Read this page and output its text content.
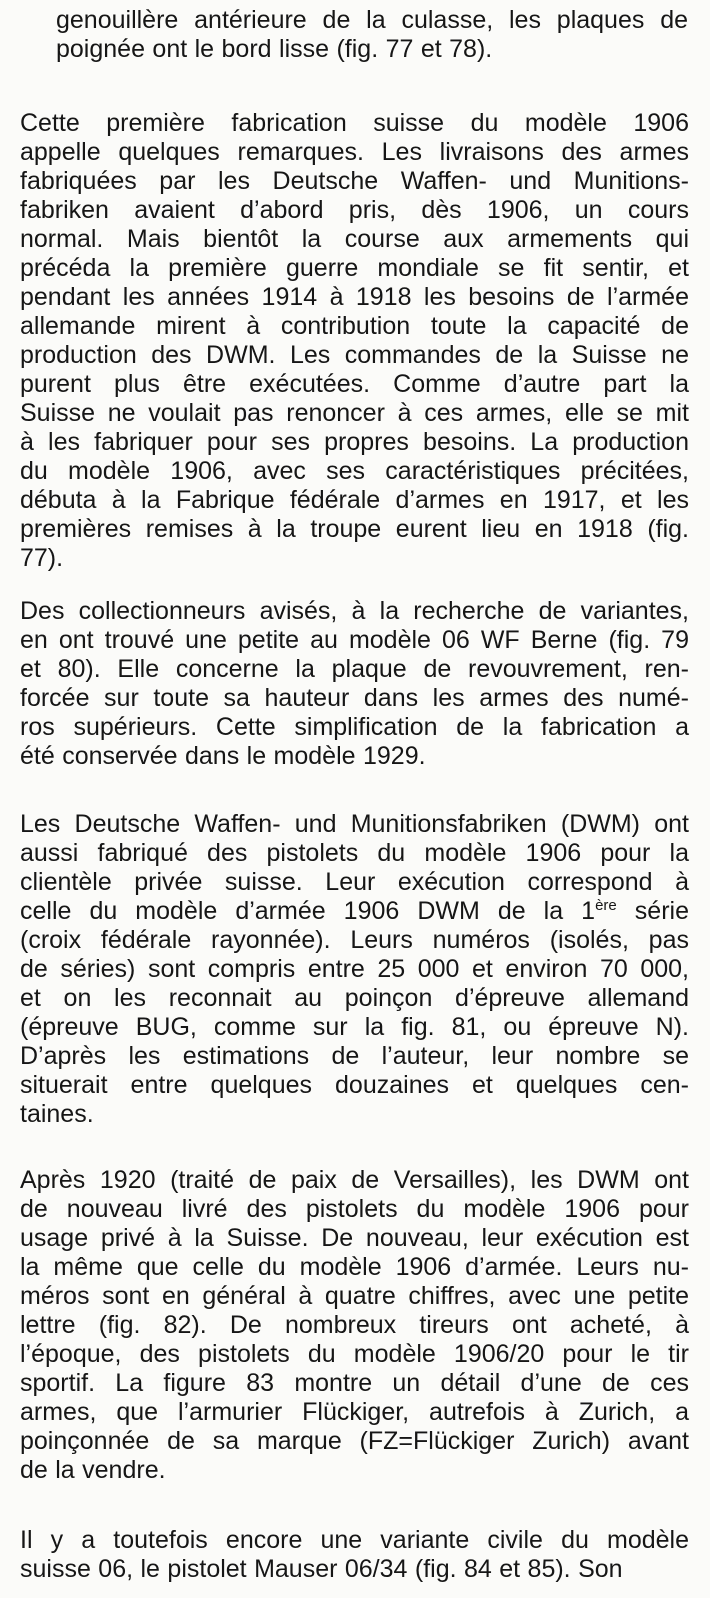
genouillère antérieure de la culasse, les plaques de
poignée ont le bord lisse (fig. 77 et 78).

Cette première fabrication suisse du modèle 1906
appelle quelques remarques. Les livraisons des armes
fabriquées par les Deutsche Waffen- und Munitions-
fabriken avaient d’abord pris, dès 1906, un cours
normal. Mais bientôt la course aux armements qui
précéda la première guerre mondiale se fit sentir, et
pendant les années 1914 à 1918 les besoins de l’armée
allemande mirent à contribution toute la capacité de
production des DWM. Les commandes de la Suisse ne
purent plus être exécutées. Comme d’autre part la
Suisse ne voulait pas renoncer à ces armes, elle se mit
à les fabriquer pour ses propres besoins. La production
du modèle 1906, avec ses caractéristiques précitées,
débuta à la Fabrique fédérale d’armes en 1917, et les
premières remises à la troupe eurent lieu en 1918 (fig.
77).

Des collectionneurs avisés, à la recherche de variantes,
en ont trouvé une petite au modèle 06 WF Berne (fig. 79
et 80). Elle concerne la plaque de revouvrement, ren-
forcée sur toute sa hauteur dans les armes des numé-
ros supérieurs. Cette simplification de la fabrication a
été conservée dans le modèle 1929.

Les Deutsche Waffen- und Munitionsfabriken (DWM) ont
aussi fabriqué des pistolets du modèle 1906 pour la
clientèle privée suisse. Leur exécution correspond à
celle du modèle d’armée 1906 DWM de la 1ère série
(croix fédérale rayonnée). Leurs numéros (isolés, pas
de séries) sont compris entre 25 000 et environ 70 000,
et on les reconnait au poinçon d’épreuve allemand
(épreuve BUG, comme sur la fig. 81, ou épreuve N).
D’après les estimations de l’auteur, leur nombre se
situerait entre quelques douzaines et quelques cen-
taines.

Après 1920 (traité de paix de Versailles), les DWM ont
de nouveau livré des pistolets du modèle 1906 pour
usage privé à la Suisse. De nouveau, leur exécution est
la même que celle du modèle 1906 d’armée. Leurs nu-
méros sont en général à quatre chiffres, avec une petite
lettre (fig. 82). De nombreux tireurs ont acheté, à
l’époque, des pistolets du modèle 1906/20 pour le tir
sportif. La figure 83 montre un détail d’une de ces
armes, que l’armurier Flückiger, autrefois à Zurich, a
poinçonnée de sa marque (FZ=Flückiger Zurich) avant
de la vendre.

Il y a toutefois encore une variante civile du modèle
suisse 06, le pistolet Mauser 06/34 (fig. 84 et 85). Son
